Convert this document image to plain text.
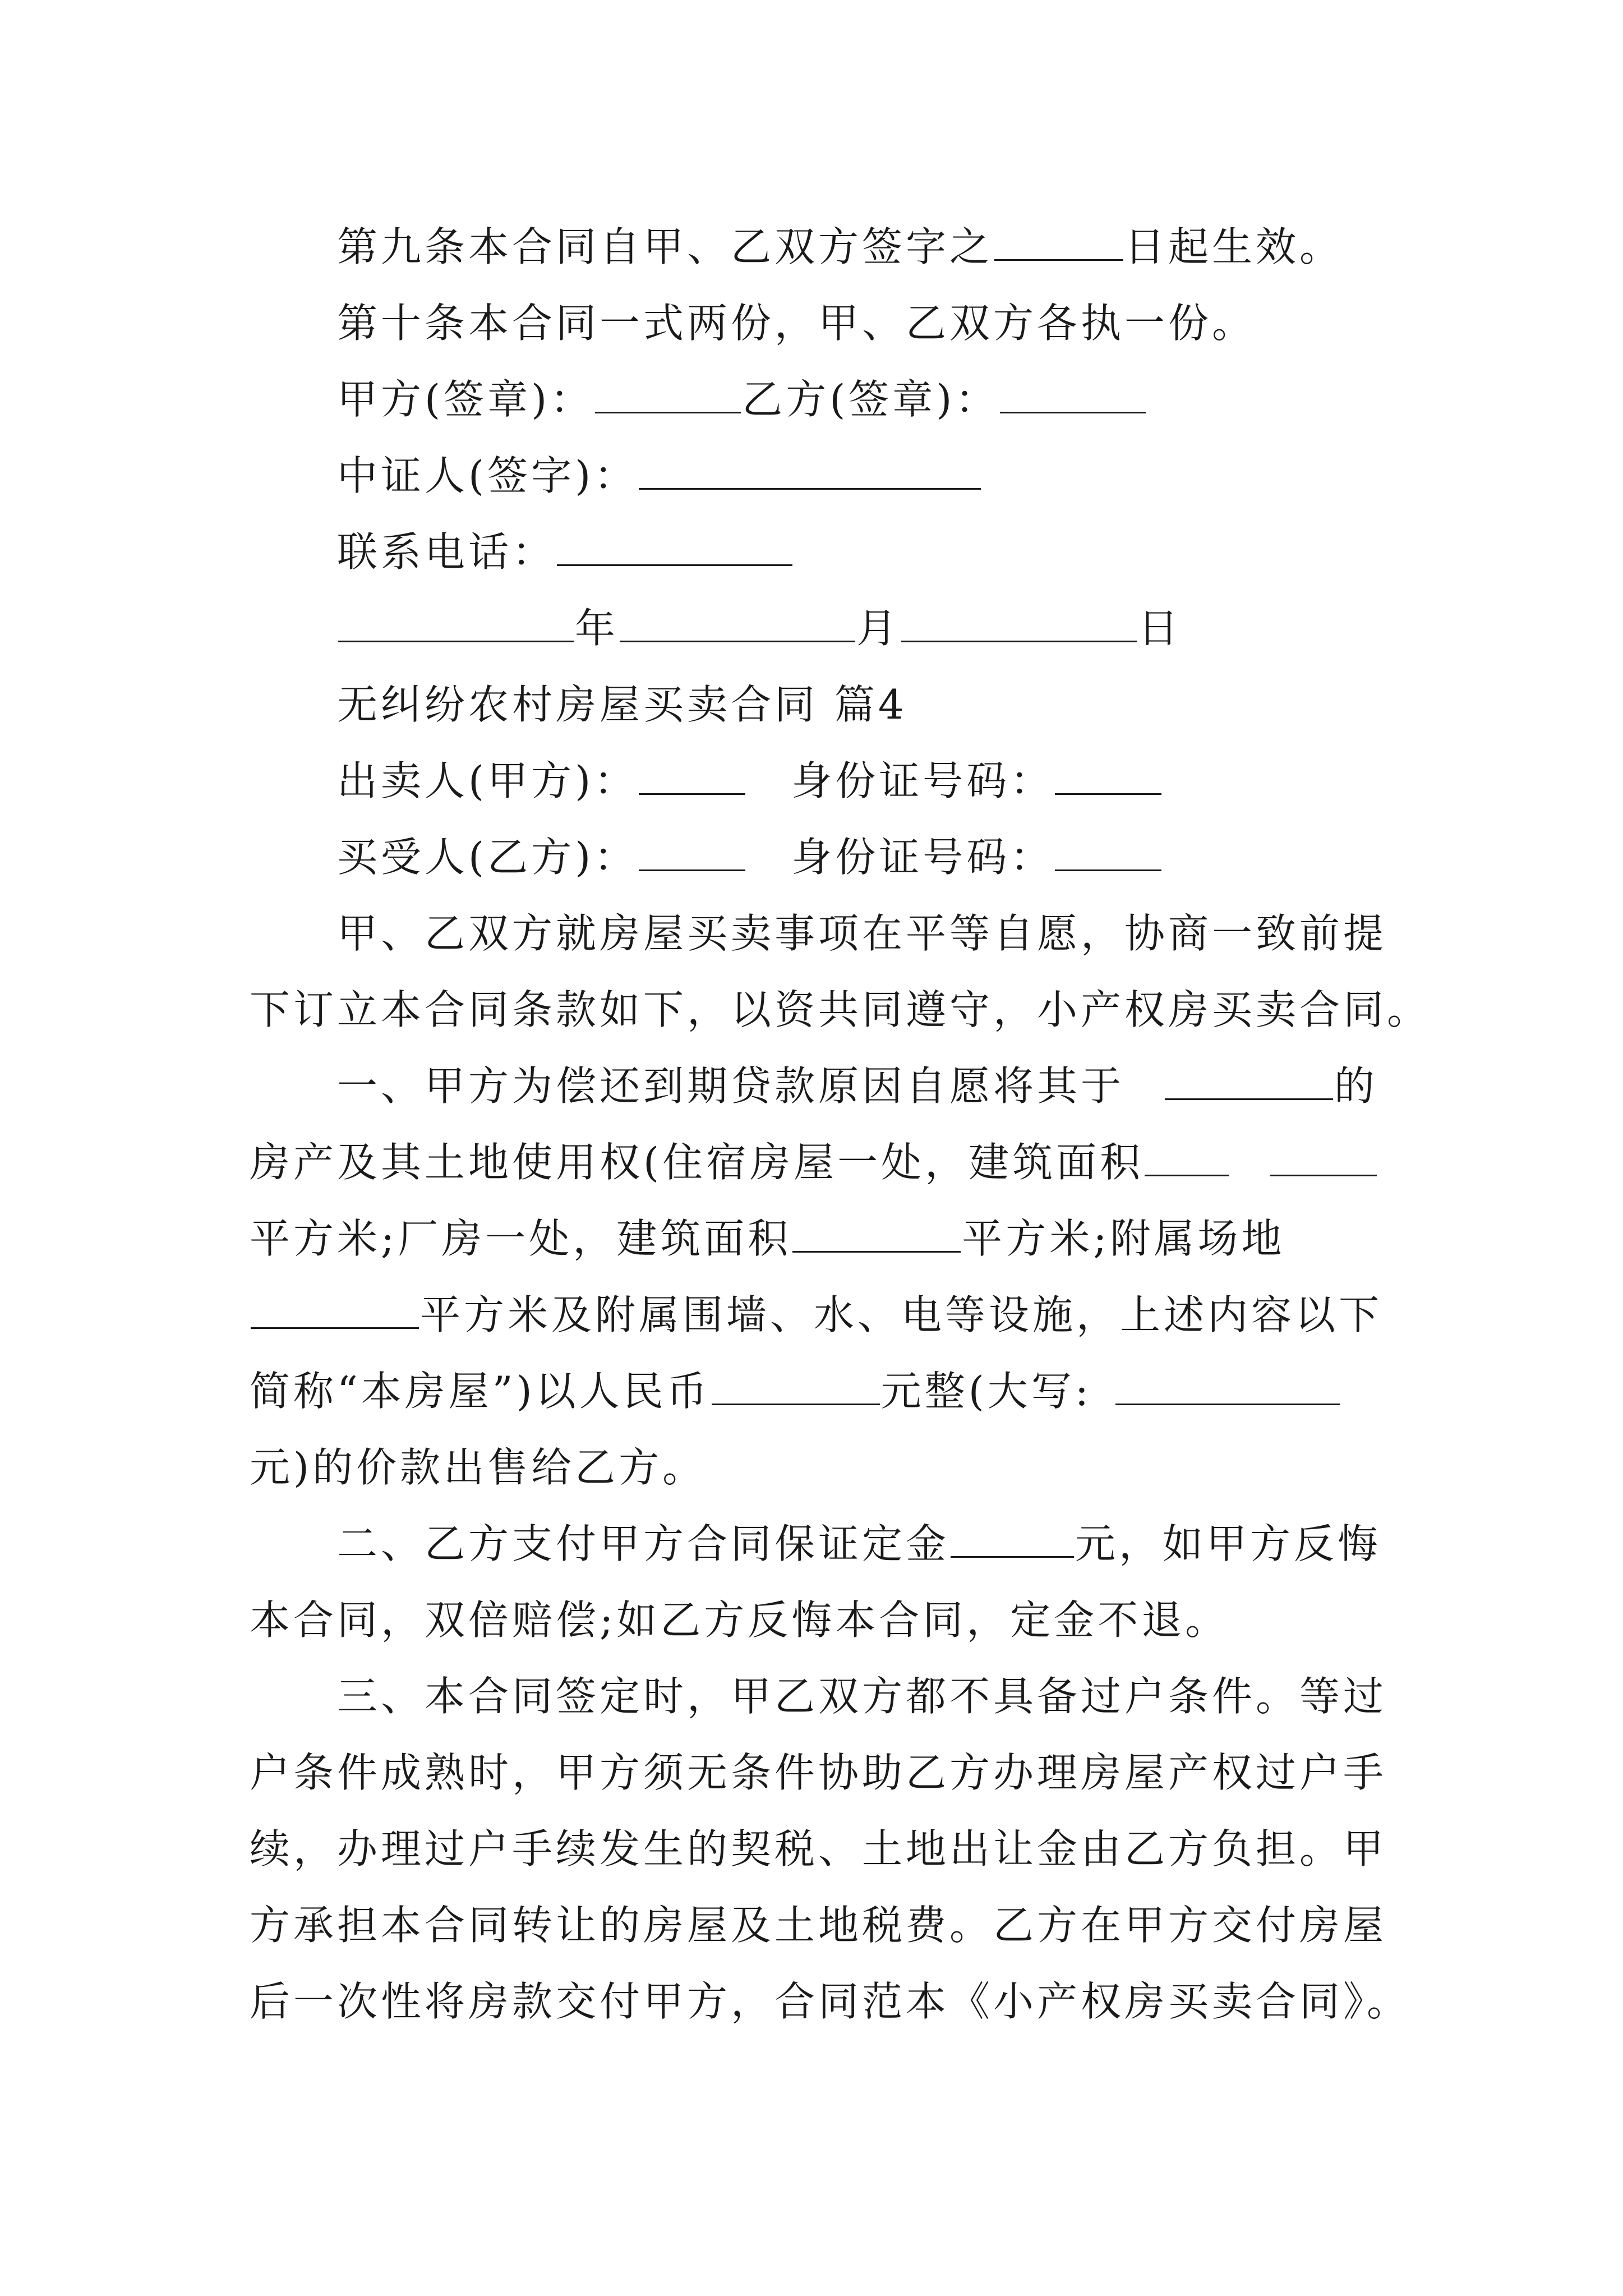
第九条本合同自甲、乙双方签字之	日起生效。
第十条本合同一式两份，甲、乙双方各执一份。
甲方(签章)：	乙方(签章)：
中证人(签字)：
联系电话：
年	月	日
无纠纷农村房屋买卖合同 篇4
出卖人(甲方)：	身份证号码：
买受人(乙方)：	身份证号码：
甲、乙双方就房屋买卖事项在平等自愿，协商一致前提
下订立本合同条款如下，以资共同遵守，小产权房买卖合同。
一、甲方为偿还到期贷款原因自愿将其于	的
房产及其土地使用权(住宿房屋一处，建筑面积
平方米;厂房一处，建筑面积	平方米;附属场地
平方米及附属围墙、水、电等设施，上述内容以下
简称“本房屋”)以人民币	元整(大写:
元)的价款出售给乙方。
二、乙方支付甲方合同保证定金	元，如甲方反悔
本合同，双倍赔偿;如乙方反悔本合同，定金不退。
三、本合同签定时，甲乙双方都不具备过户条件。等过
户条件成熟时，甲方须无条件协助乙方办理房屋产权过户手
续，办理过户手续发生的契税、土地出让金由乙方负担。甲
方承担本合同转让的房屋及土地税费。乙方在甲方交付房屋
后一次性将房款交付甲方，合同范本《小产权房买卖合同》。
